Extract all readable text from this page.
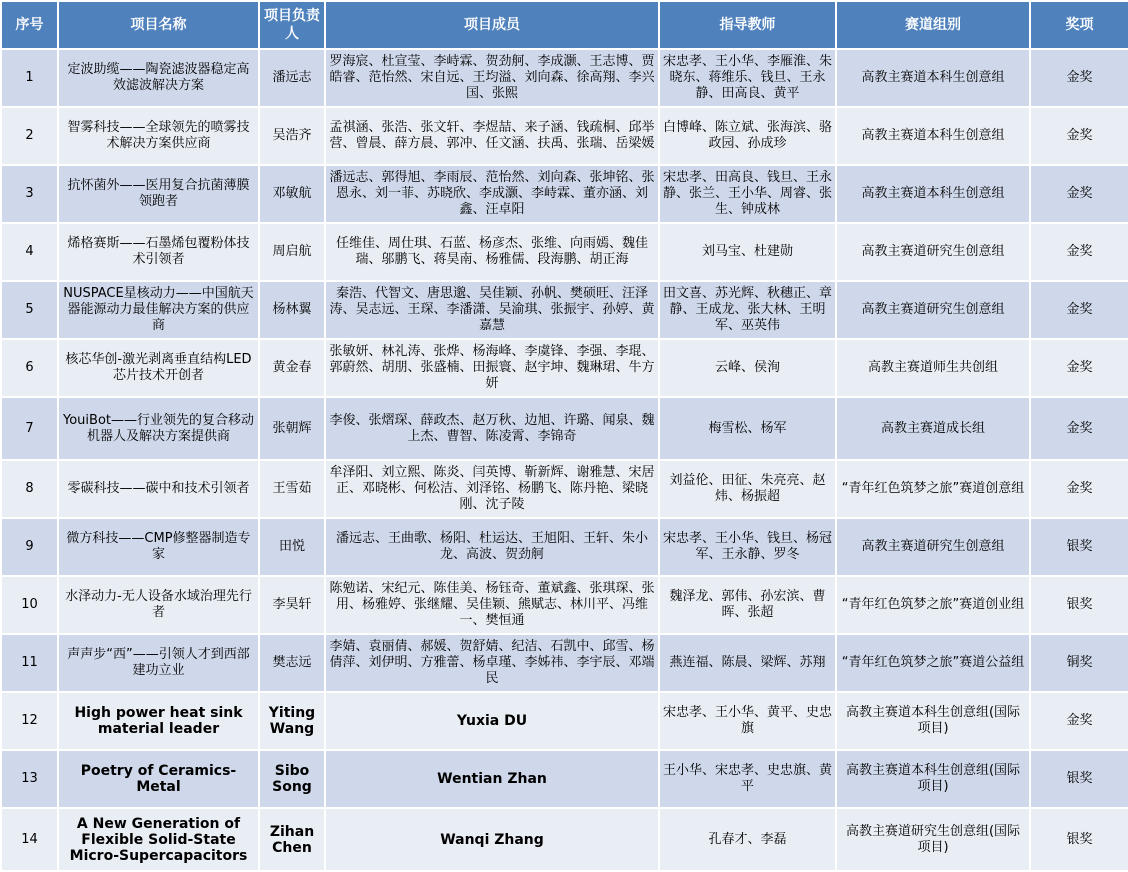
序号	项目名称	项目负责人	项目成员	指导教师	赛道组别	奖项
1	定波助缆——陶瓷滤波器稳定高效滤波解决方案	潘远志	罗海宸、杜宣莹、李峙霖、贺劲舸、李成灏、王志博、贾皓睿、范怡然、宋自远、王均溢、刘向森、徐高翔、李兴国、张熙	宋忠孝、王小华、李雁淮、朱晓东、蒋维乐、钱旦、王永静、田高良、黄平	高教主赛道本科生创意组	金奖
2	智雾科技——全球领先的喷雾技术解决方案供应商	吴浩齐	孟祺涵、张浩、张文轩、李煜喆、来子涵、钱疏桐、邱举营、曾晨、薛方晨、郭冲、任文涵、扶禹、张瑞、岳梁媛	白博峰、陈立斌、张海滨、骆政园、孙成珍	高教主赛道本科生创意组	金奖
3	抗怀菌外——医用复合抗菌薄膜领跑者	邓敏航	潘远志、郭得旭、李雨辰、范怡然、刘向森、张坤铭、张恩永、刘一菲、苏晓欣、李成灏、李峙霖、董亦涵、刘鑫、汪卓阳	宋忠孝、田高良、钱旦、王永静、张兰、王小华、周睿、张生、钟成林	高教主赛道本科生创意组	金奖
4	烯格赛斯——石墨烯包覆粉体技术引领者	周启航	任维佳、周仕琪、石蓝、杨彦杰、张维、向雨嫣、魏佳瑞、邬鹏飞、蒋昊南、杨雅儒、段海鹏、胡正海	刘马宝、杜建勋	高教主赛道研究生创意组	金奖
5	NUSPACE星核动力——中国航天器能源动力最佳解决方案的供应商	杨林翼	秦浩、代智文、唐思邈、吴佳颖、孙帆、樊硕旺、汪泽涛、吴志远、王琛、李潘潇、吴渝琪、张振宇、孙婷、黄嘉慧	田文喜、苏光辉、秋穗正、章静、王成龙、张大林、王明军、巫英伟	高教主赛道研究生创意组	金奖
6	核芯华创-激光剥离垂直结构LED芯片技术开创者	黄金春	张敏妍、林礼涛、张烨、杨海峰、李虞锋、李强、李琨、郭蔚然、胡朋、张盛楠、田振寰、赵宇坤、魏琳珺、牛方妍	云峰、侯洵	高教主赛道师生共创组	金奖
7	YouiBot——行业领先的复合移动机器人及解决方案提供商	张朝辉	李俊、张熠琛、薛政杰、赵万秋、边旭、许璐、闻泉、魏上杰、曹智、陈凌霄、李锦奇	梅雪松、杨军	高教主赛道成长组	金奖
8	零碳科技——碳中和技术引领者	王雪茹	牟泽阳、刘立熙、陈炎、闫英博、靳新辉、谢雅慧、宋居正、邓晓彬、何松洁、刘泽铭、杨鹏飞、陈丹艳、梁晓刚、沈子陵	刘益伦、田征、朱亮亮、赵炜、杨振超	“青年红色筑梦之旅”赛道创意组	金奖
9	微方科技——CMP修整器制造专家	田悦	潘远志、王曲歌、杨阳、杜运达、王旭阳、王轩、朱小龙、高波、贺劲舸	宋忠孝、王小华、钱旦、杨冠军、王永静、罗冬	高教主赛道研究生创意组	银奖
10	水泽动力-无人设备水域治理先行者	李昊轩	陈勉诺、宋纪元、陈佳美、杨钰奇、董斌鑫、张琪琛、张用、杨雅婷、张继耀、吴佳颖、熊赋志、林川平、冯维一、樊恒通	魏泽龙、郭伟、孙宏滨、曹晖、张超	“青年红色筑梦之旅”赛道创业组	银奖
11	声声步“西”——引领人才到西部建功立业	樊志远	李婧、袁丽倩、郝媛、贺舒婧、纪洁、石凯中、邱雪、杨倩萍、刘伊明、方雅蕾、杨卓瑾、李姊祎、李宇辰、邓端民	燕连福、陈晨、梁辉、苏翔	“青年红色筑梦之旅”赛道公益组	铜奖
12	High power heat sink material leader	Yiting Wang	Yuxia DU	宋忠孝、王小华、黄平、史忠旗	高教主赛道本科生创意组(国际项目)	金奖
13	Poetry of Ceramics-Metal	Sibo Song	Wentian Zhan	王小华、宋忠孝、史忠旗、黄平	高教主赛道本科生创意组(国际项目)	银奖
14	A New Generation of Flexible Solid-State Micro-Supercapacitors	Zihan Chen	Wanqi Zhang	孔春才、李磊	高教主赛道研究生创意组(国际项目)	银奖
